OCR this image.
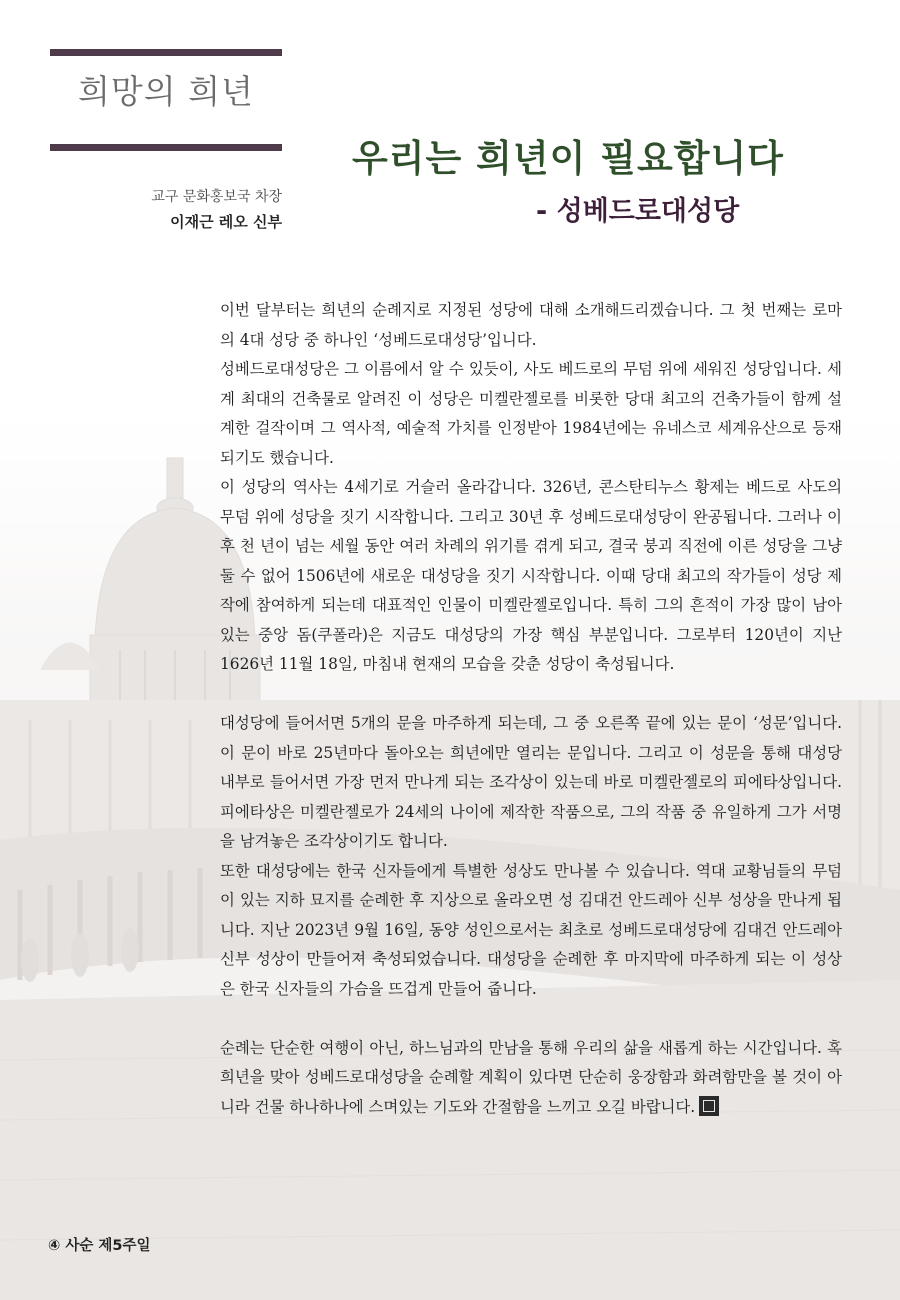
희망의 희년
교구 문화홍보국 차장
이재근 레오 신부
우리는 희년이 필요합니다
- 성베드로대성당

이번 달부터는 희년의 순례지로 지정된 성당에 대해 소개해드리겠습니다. 그 첫 번째는 로마의 4대 성당 중 하나인 ‘성베드로대성당’입니다.

성베드로대성당은 그 이름에서 알 수 있듯이, 사도 베드로의 무덤 위에 세워진 성당입니다. 세계 최대의 건축물로 알려진 이 성당은 미켈란젤로를 비롯한 당대 최고의 건축가들이 함께 설계한 걸작이며 그 역사적, 예술적 가치를 인정받아 1984년에는 유네스코 세계유산으로 등재되기도 했습니다.

이 성당의 역사는 4세기로 거슬러 올라갑니다. 326년, 콘스탄티누스 황제는 베드로 사도의 무덤 위에 성당을 짓기 시작합니다. 그리고 30년 후 성베드로대성당이 완공됩니다. 그러나 이후 천 년이 넘는 세월 동안 여러 차례의 위기를 겪게 되고, 결국 붕괴 직전에 이른 성당을 그냥 둘 수 없어 1506년에 새로운 대성당을 짓기 시작합니다. 이때 당대 최고의 작가들이 성당 제작에 참여하게 되는데 대표적인 인물이 미켈란젤로입니다. 특히 그의 흔적이 가장 많이 남아있는 중앙 돔(쿠폴라)은 지금도 대성당의 가장 핵심 부분입니다. 그로부터 120년이 지난 1626년 11월 18일, 마침내 현재의 모습을 갖춘 성당이 축성됩니다.

대성당에 들어서면 5개의 문을 마주하게 되는데, 그 중 오른쪽 끝에 있는 문이 ‘성문’입니다. 이 문이 바로 25년마다 돌아오는 희년에만 열리는 문입니다. 그리고 이 성문을 통해 대성당 내부로 들어서면 가장 먼저 만나게 되는 조각상이 있는데 바로 미켈란젤로의 피에타상입니다. 피에타상은 미켈란젤로가 24세의 나이에 제작한 작품으로, 그의 작품 중 유일하게 그가 서명을 남겨놓은 조각상이기도 합니다.

또한 대성당에는 한국 신자들에게 특별한 성상도 만나볼 수 있습니다. 역대 교황님들의 무덤이 있는 지하 묘지를 순례한 후 지상으로 올라오면 성 김대건 안드레아 신부 성상을 만나게 됩니다. 지난 2023년 9월 16일, 동양 성인으로서는 최초로 성베드로대성당에 김대건 안드레아 신부 성상이 만들어져 축성되었습니다. 대성당을 순례한 후 마지막에 마주하게 되는 이 성상은 한국 신자들의 가슴을 뜨겁게 만들어 줍니다.

순례는 단순한 여행이 아닌, 하느님과의 만남을 통해 우리의 삶을 새롭게 하는 시간입니다. 혹 희년을 맞아 성베드로대성당을 순례할 계획이 있다면 단순히 웅장함과 화려함만을 볼 것이 아니라 건물 하나하나에 스며있는 기도와 간절함을 느끼고 오길 바랍니다.

④ 사순 제5주일
